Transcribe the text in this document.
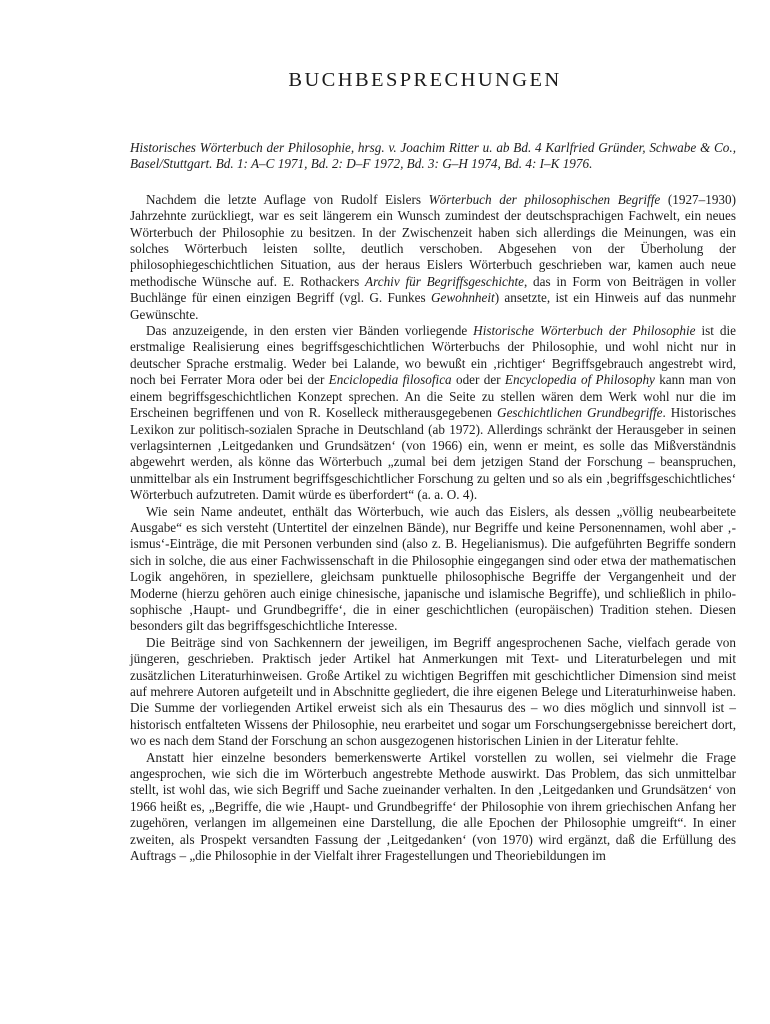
BUCHBESPRECHUNGEN

Historisches Wörterbuch der Philosophie, hrsg. v. Joachim Ritter u. ab Bd. 4 Karlfried Gründer, Schwabe & Co., Basel/Stuttgart. Bd. 1: A–C 1971, Bd. 2: D–F 1972, Bd. 3: G–H 1974, Bd. 4: I–K 1976.

Nachdem die letzte Auflage von Rudolf Eislers Wörterbuch der philosophischen Begriffe (1927–1930) Jahrzehnte zurückliegt, war es seit längerem ein Wunsch zumindest der deutschsprachigen Fachwelt, ein neues Wörterbuch der Philosophie zu besitzen. In der Zwischenzeit haben sich allerdings die Meinungen, was ein solches Wörterbuch leisten sollte, deutlich verschoben. Abgesehen von der Überholung der philosophiegeschichtlichen Situation, aus der heraus Eislers Wörterbuch geschrieben war, kamen auch neue methodische Wünsche auf. E. Rothackers Archiv für Begriffsgeschichte, das in Form von Beiträgen in voller Buchlänge für einen einzigen Begriff (vgl. G. Funkes Gewohnheit) ansetzte, ist ein Hinweis auf das nunmehr Gewünschte.

Das anzuzeigende, in den ersten vier Bänden vorliegende Historische Wörterbuch der Philosophie ist die erstmalige Realisierung eines begriffsgeschichtlichen Wörterbuchs der Philosophie, und wohl nicht nur in deutscher Sprache erstmalig. Weder bei Lalande, wo bewußt ein ‚richtiger‘ Begriffsgebrauch angestrebt wird, noch bei Ferrater Mora oder bei der Enciclopedia filosofica oder der Encyclopedia of Philosophy kann man von einem begriffsgeschichtlichen Konzept sprechen. An die Seite zu stellen wären dem Werk wohl nur die im Erscheinen begriffenen und von R. Koselleck mitherausgegebenen Geschichtlichen Grundbegriffe. Historisches Lexikon zur politisch-sozialen Sprache in Deutschland (ab 1972). Allerdings schränkt der Herausgeber in seinen verlagsinternen ‚Leitgedanken und Grundsätzen‘ (von 1966) ein, wenn er meint, es solle das Mißverständnis abgewehrt werden, als könne das Wörterbuch „zumal bei dem jetzigen Stand der Forschung – beanspruchen, unmittelbar als ein Instrument begriffsgeschichtlicher Forschung zu gelten und so als ein ‚begriffsgeschichtliches‘ Wörterbuch aufzutreten. Damit würde es überfordert“ (a. a. O. 4).

Wie sein Name andeutet, enthält das Wörterbuch, wie auch das Eislers, als dessen „völlig neubearbeitete Ausgabe“ es sich versteht (Untertitel der einzelnen Bände), nur Begriffe und keine Personennamen, wohl aber ‚-ismus‘-Einträge, die mit Personen verbunden sind (also z. B. Hegelianismus). Die aufgeführten Begriffe sondern sich in solche, die aus einer Fachwissenschaft in die Philosophie eingegangen sind oder etwa der mathematischen Logik angehören, in speziellere, gleichsam punktuelle philosophische Begriffe der Vergangenheit und der Moderne (hierzu gehören auch einige chinesische, japanische und islamische Begriffe), und schließlich in philosophische ‚Haupt- und Grundbegriffe‘, die in einer geschichtlichen (europäischen) Tradition stehen. Diesen besonders gilt das begriffsgeschichtliche Interesse.

Die Beiträge sind von Sachkennern der jeweiligen, im Begriff angesprochenen Sache, vielfach gerade von jüngeren, geschrieben. Praktisch jeder Artikel hat Anmerkungen mit Text- und Literaturbelegen und mit zusätzlichen Literaturhinweisen. Große Artikel zu wichtigen Begriffen mit geschichtlicher Dimension sind meist auf mehrere Autoren aufgeteilt und in Abschnitte gegliedert, die ihre eigenen Belege und Literaturhinweise haben. Die Summe der vorliegenden Artikel erweist sich als ein Thesaurus des – wo dies möglich und sinnvoll ist – historisch entfalteten Wissens der Philosophie, neu erarbeitet und sogar um Forschungsergebnisse bereichert dort, wo es nach dem Stand der Forschung an schon ausgezogenen historischen Linien in der Literatur fehlte.

Anstatt hier einzelne besonders bemerkenswerte Artikel vorstellen zu wollen, sei vielmehr die Frage angesprochen, wie sich die im Wörterbuch angestrebte Methode auswirkt. Das Problem, das sich unmittelbar stellt, ist wohl das, wie sich Begriff und Sache zueinander verhalten. In den ‚Leitgedanken und Grundsätzen‘ von 1966 heißt es, „Begriffe, die wie ‚Haupt- und Grundbegriffe‘ der Philosophie von ihrem griechischen Anfang her zugehören, verlangen im allgemeinen eine Darstellung, die alle Epochen der Philosophie umgreift“. In einer zweiten, als Prospekt versandten Fassung der ‚Leitgedanken‘ (von 1970) wird ergänzt, daß die Erfüllung des Auftrags – „die Philosophie in der Vielfalt ihrer Fragestellungen und Theoriebildungen im
